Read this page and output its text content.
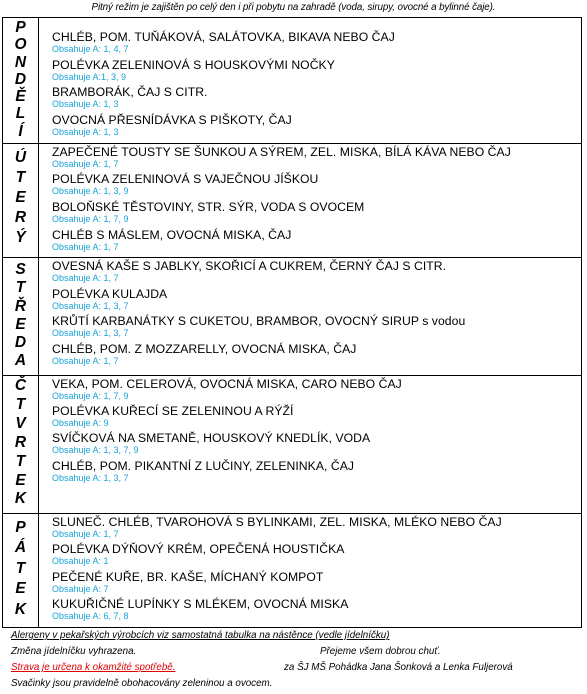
Pitný režim je zajištěn po celý den i při pobytu na zahradě (voda, sirupy, ovocné a bylinné čaje).
P
O
N
D
Ě
L
Í
CHLÉB, POM. TUŇÁKOVÁ, SALÁTOVKA, BIKAVA NEBO ČAJ
Obsahuje A: 1, 4, 7
POLÉVKA ZELENINOVÁ S HOUSKOVÝMI NOČKY
Obsahuje A:1, 3, 9
BRAMBORÁK, ČAJ S CITR.
Obsahuje A: 1, 3
OVOCNÁ PŘESNÍDÁVKA S PIŠKOTY, ČAJ
Obsahuje A: 1, 3
Ú
T
E
R
Ý
ZAPEČENÉ TOUSTY SE ŠUNKOU A SÝREM, ZEL. MISKA, BÍLÁ KÁVA NEBO ČAJ
Obsahuje A: 1, 7
POLÉVKA ZELENINOVÁ S VAJEČNOU JÍŠKOU
Obsahuje A: 1, 3, 9
BOLOŇSKÉ TĚSTOVINY, STR. SÝR, VODA S OVOCEM
Obsahuje A: 1, 7, 9
CHLÉB S MÁSLEM, OVOCNÁ MISKA, ČAJ
Obsahuje A: 1, 7
S
T
Ř
E
D
A
OVESNÁ KAŠE S JABLKY, SKOŘICÍ A CUKREM, ČERNÝ ČAJ S CITR.
Obsahuje A: 1, 7
POLÉVKA KULAJDA
Obsahuje A: 1, 3, 7
KRŮTÍ KARBANÁTKY S CUKETOU, BRAMBOR, OVOCNÝ SIRUP s vodou
Obsahuje A: 1, 3, 7
CHLÉB, POM. Z MOZZARELLY, OVOCNÁ MISKA, ČAJ
Obsahuje A: 1, 7
Č
T
V
R
T
E
K
VEKA, POM. CELEROVÁ, OVOCNÁ MISKA, CARO NEBO ČAJ
Obsahuje A: 1, 7, 9
POLÉVKA KUŘECÍ SE ZELENINOU A RÝŽÍ
Obsahuje A: 9
SVÍČKOVÁ NA SMETANĚ, HOUSKOVÝ KNEDLÍK, VODA
Obsahuje A: 1, 3, 7, 9
CHLÉB, POM. PIKANTNÍ Z LUČINY, ZELENINKA, ČAJ
Obsahuje A: 1, 3, 7
P
Á
T
E
K
SLUNEČ. CHLÉB, TVAROHOVÁ S BYLINKAMI, ZEL. MISKA, MLÉKO NEBO ČAJ
Obsahuje A: 1, 7
POLÉVKA DÝŇOVÝ KRÉM, OPEČENÁ HOUSTIČKA
Obsahuje A: 1
PEČENÉ KUŘE, BR. KAŠE, MÍCHANÝ KOMPOT
Obsahuje A: 7
KUKUŘIČNÉ LUPÍNKY S MLÉKEM, OVOCNÁ MISKA
Obsahuje A: 6, 7, 8
Alergeny v pekařských výrobcích viz samostatná tabulka na nástěnce (vedle jídelníčku)
Změna jídelníčku vyhrazena.	Přejeme všem dobrou chuť.
Strava je určena k okamžité spotřebě.	za ŠJ MŠ Pohádka Jana Šonková a Lenka Fuljerová
Svačinky jsou pravidelně obohacovány zeleninou a ovocem.
